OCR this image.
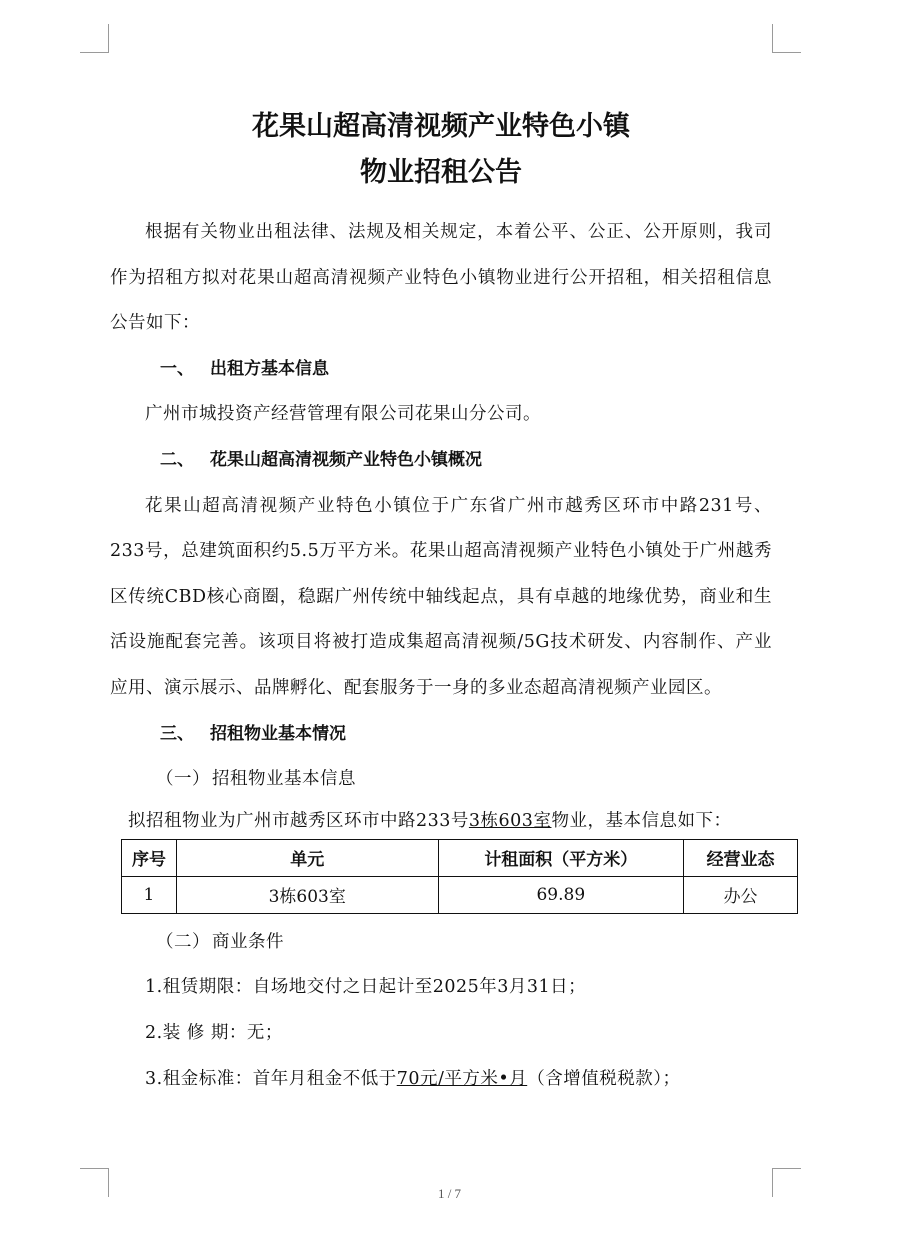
花果山超高清视频产业特色小镇
物业招租公告

根据有关物业出租法律、法规及相关规定，本着公平、公正、公开原则，我司作为招租方拟对花果山超高清视频产业特色小镇物业进行公开招租，相关招租信息公告如下：

一、 出租方基本信息

广州市城投资产经营管理有限公司花果山分公司。

二、 花果山超高清视频产业特色小镇概况

花果山超高清视频产业特色小镇位于广东省广州市越秀区环市中路231号、233号，总建筑面积约5.5万平方米。花果山超高清视频产业特色小镇处于广州越秀区传统CBD核心商圈，稳踞广州传统中轴线起点，具有卓越的地缘优势，商业和生活设施配套完善。该项目将被打造成集超高清视频/5G技术研发、内容制作、产业应用、演示展示、品牌孵化、配套服务于一身的多业态超高清视频产业园区。

三、 招租物业基本情况

（一） 招租物业基本信息

拟招租物业为广州市越秀区环市中路233号3栋603室物业，基本信息如下：

序号	单元	计租面积（平方米）	经营业态
1	3栋603室	69.89	办公

（二） 商业条件

1.租赁期限：自场地交付之日起计至2025年3月31日；

2.装 修 期：无；

3.租金标准：首年月租金不低于70元/平方米•月（含增值税税款）；

1 / 7
